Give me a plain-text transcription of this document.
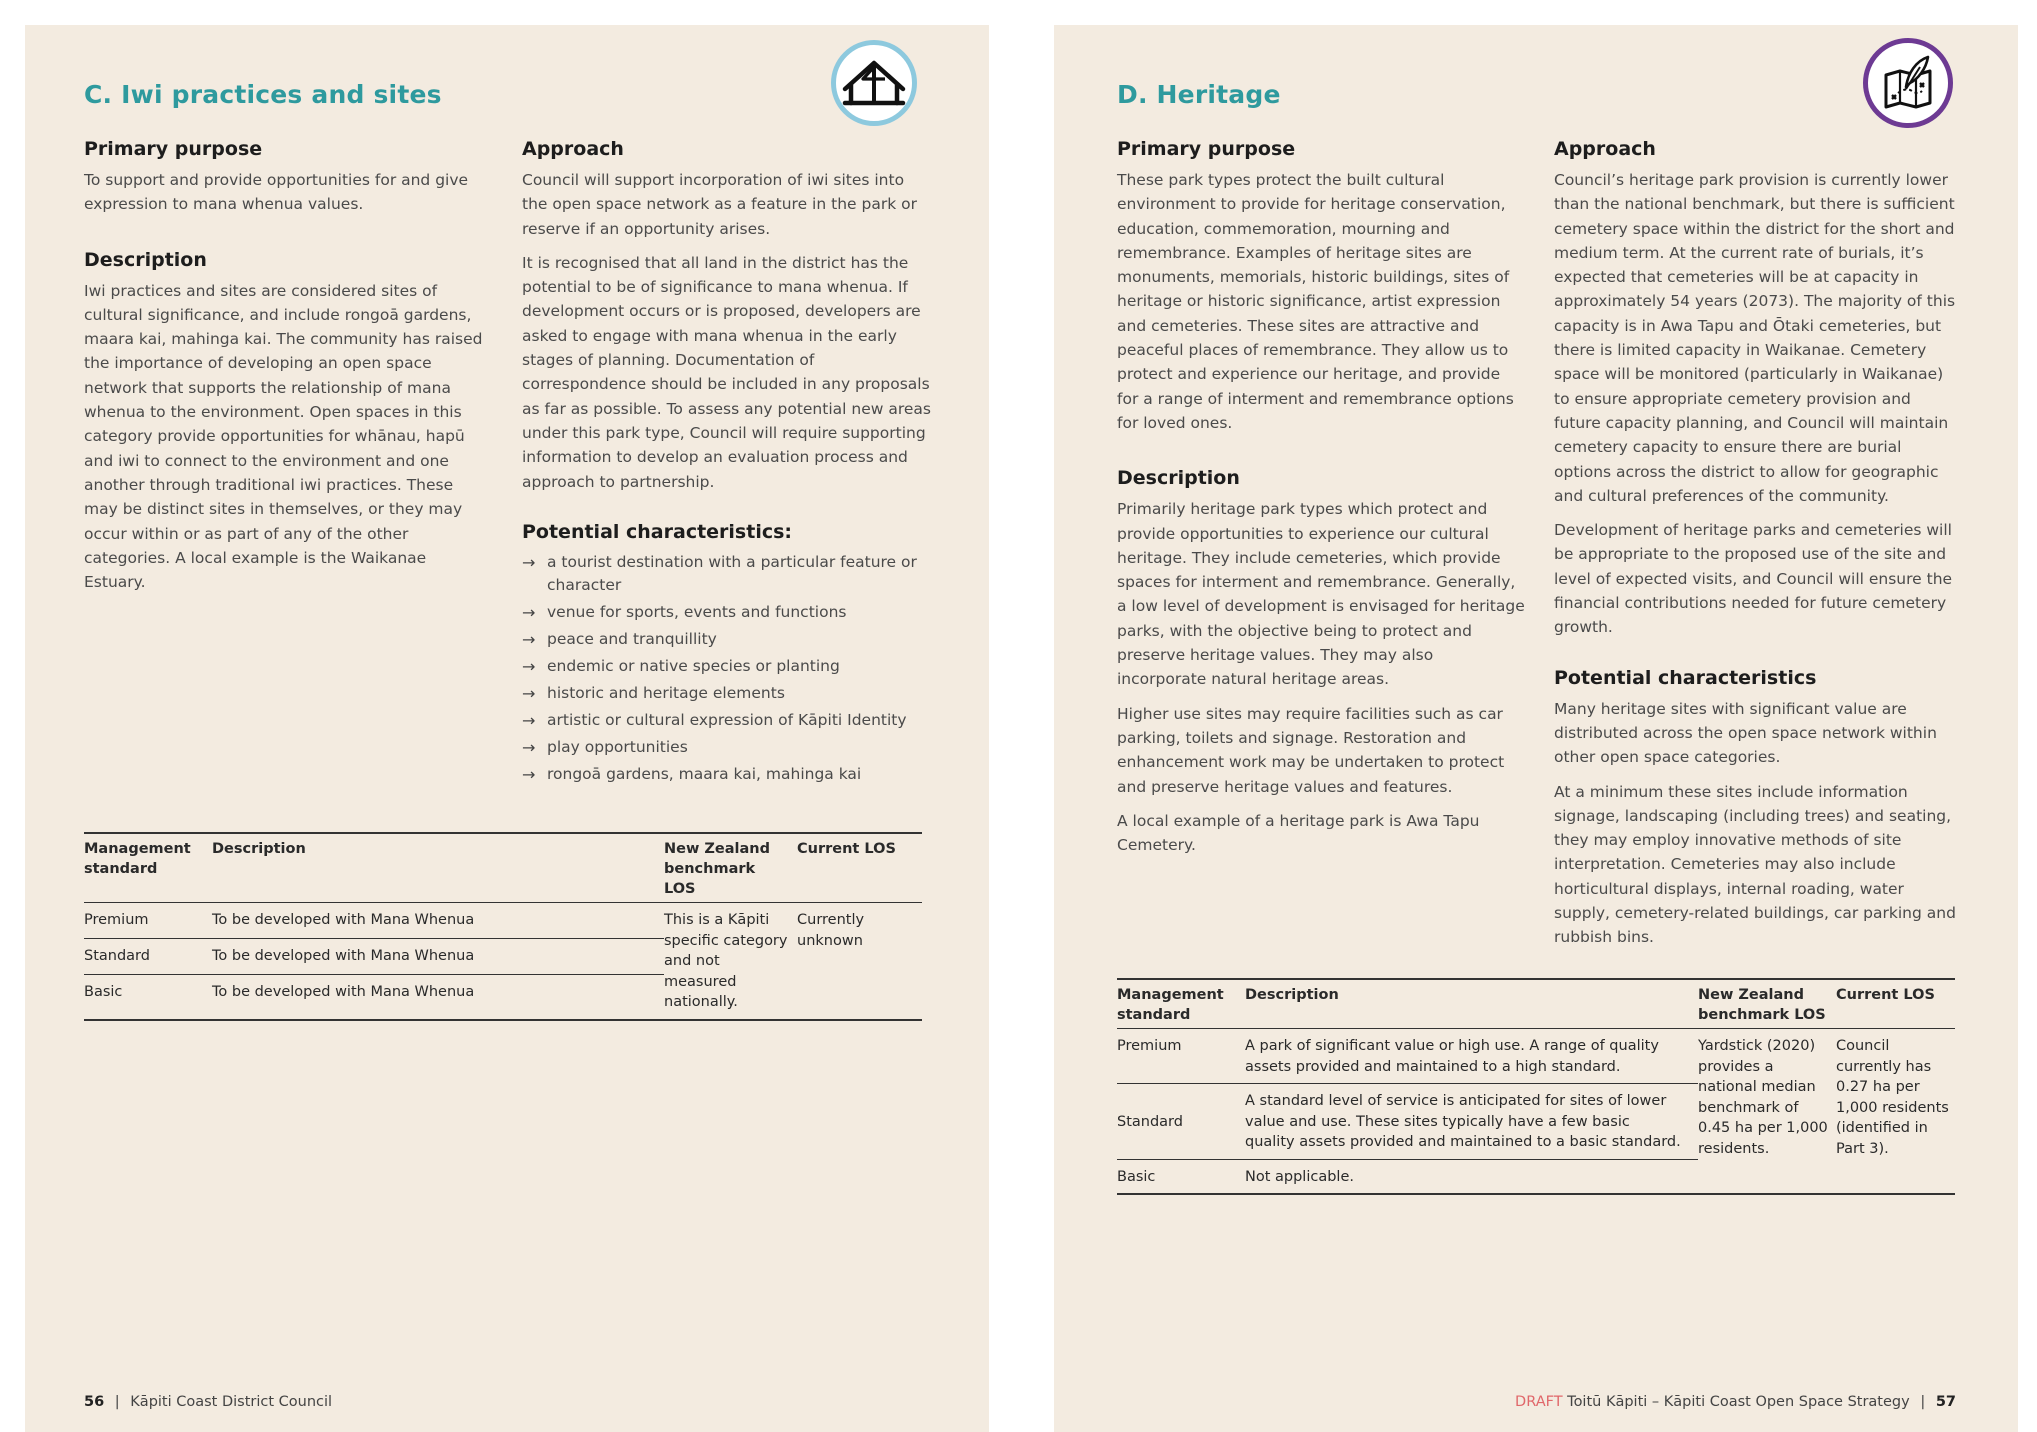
C. Iwi practices and sites
Primary purpose

To support and provide opportunities for and give expression to mana whenua values.

Description

Iwi practices and sites are considered sites of cultural significance, and include rongoā gardens, maara kai, mahinga kai. The community has raised the importance of developing an open space network that supports the relationship of mana whenua to the environment. Open spaces in this category provide opportunities for whānau, hapū and iwi to connect to the environment and one another through traditional iwi practices. These may be distinct sites in themselves, or they may occur within or as part of any of the other categories. A local example is the Waikanae Estuary.

Approach

Council will support incorporation of iwi sites into the open space network as a feature in the park or reserve if an opportunity arises.

It is recognised that all land in the district has the potential to be of significance to mana whenua. If development occurs or is proposed, developers are asked to engage with mana whenua in the early stages of planning. Documentation of correspondence should be included in any proposals as far as possible. To assess any potential new areas under this park type, Council will require supporting information to develop an evaluation process and approach to partnership.

Potential characteristics:
→ a tourist destination with a particular feature or character
→ venue for sports, events and functions
→ peace and tranquillity
→ endemic or native species or planting
→ historic and heritage elements
→ artistic or cultural expression of Kāpiti Identity
→ play opportunities
→ rongoā gardens, maara kai, mahinga kai
Management standard	Description	New Zealand benchmark LOS	Current LOS
Premium	To be developed with Mana Whenua	This is a Kāpiti specific category and not measured nationally.	Currently unknown
Standard	To be developed with Mana Whenua		
Basic	To be developed with Mana Whenua		
56 | Kāpiti Coast District Council
D. Heritage
Primary purpose

These park types protect the built cultural environment to provide for heritage conservation, education, commemoration, mourning and remembrance. Examples of heritage sites are monuments, memorials, historic buildings, sites of heritage or historic significance, artist expression and cemeteries. These sites are attractive and peaceful places of remembrance. They allow us to protect and experience our heritage, and provide for a range of interment and remembrance options for loved ones.

Description

Primarily heritage park types which protect and provide opportunities to experience our cultural heritage. They include cemeteries, which provide spaces for interment and remembrance. Generally, a low level of development is envisaged for heritage parks, with the objective being to protect and preserve heritage values. They may also incorporate natural heritage areas.

Higher use sites may require facilities such as car parking, toilets and signage. Restoration and enhancement work may be undertaken to protect and preserve heritage values and features.

A local example of a heritage park is Awa Tapu Cemetery.

Approach

Council’s heritage park provision is currently lower than the national benchmark, but there is sufficient cemetery space within the district for the short and medium term. At the current rate of burials, it’s expected that cemeteries will be at capacity in approximately 54 years (2073). The majority of this capacity is in Awa Tapu and Ōtaki cemeteries, but there is limited capacity in Waikanae. Cemetery space will be monitored (particularly in Waikanae) to ensure appropriate cemetery provision and future capacity planning, and Council will maintain cemetery capacity to ensure there are burial options across the district to allow for geographic and cultural preferences of the community.

Development of heritage parks and cemeteries will be appropriate to the proposed use of the site and level of expected visits, and Council will ensure the financial contributions needed for future cemetery growth.

Potential characteristics

Many heritage sites with significant value are distributed across the open space network within other open space categories.

At a minimum these sites include information signage, landscaping (including trees) and seating, they may employ innovative methods of site interpretation. Cemeteries may also include horticultural displays, internal roading, water supply, cemetery-related buildings, car parking and rubbish bins.

Management standard	Description	New Zealand benchmark LOS	Current LOS
Premium	A park of significant value or high use. A range of quality assets provided and maintained to a high standard.	Yardstick (2020) provides a national median benchmark of 0.45 ha per 1,000 residents.	Council currently has 0.27 ha per 1,000 residents (identified in Part 3).
Standard	A standard level of service is anticipated for sites of lower value and use. These sites typically have a few basic quality assets provided and maintained to a basic standard.		
Basic	Not applicable.		
DRAFT Toitū Kāpiti – Kāpiti Coast Open Space Strategy | 57
